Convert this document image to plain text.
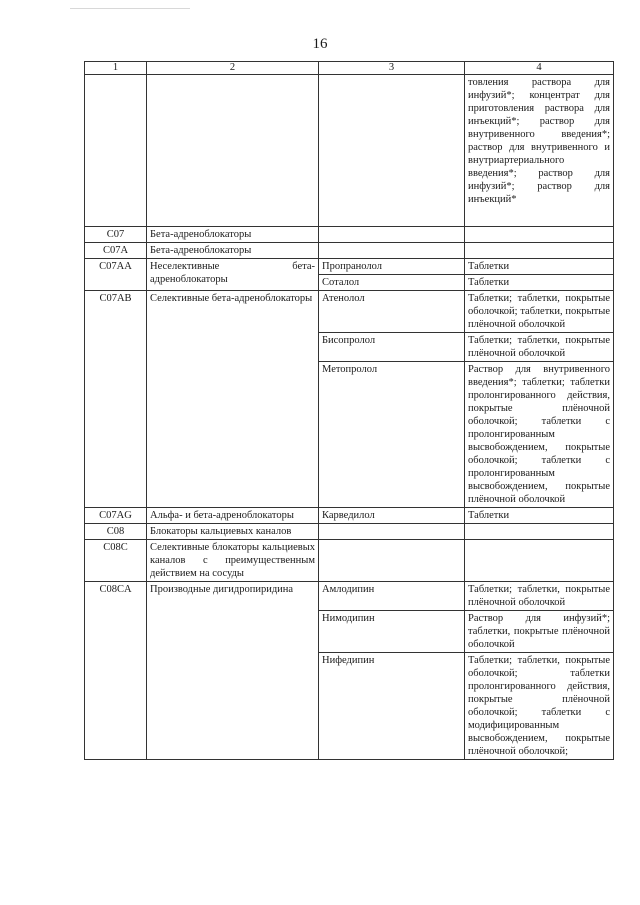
16
1	2	3	4
			товления раствора для инфузий*; концентрат для приготовления раствора для инъекций*; раствор для внутривенного введения*; раствор для внутривенного и внутриартериального введения*; раствор для инфузий*; раствор для инъекций*
C07	Бета-адреноблокаторы		
C07A	Бета-адреноблокаторы		
C07AA	Неселективные бета-адреноблокаторы	Пропранолол	Таблетки
		Соталол	Таблетки
C07AB	Селективные бета-адреноблокаторы	Атенолол	Таблетки; таблетки, покрытые оболочкой; таблетки, покрытые плёночной оболочкой
		Бисопролол	Таблетки; таблетки, покрытые плёночной оболочкой
		Метопролол	Раствор для внутривенного введения*; таблетки; таблетки пролонгированного действия, покрытые плёночной оболочкой; таблетки с пролонгированным высвобождением, покрытые оболочкой; таблетки с пролонгированным высвобождением, покрытые плёночной оболочкой
C07AG	Альфа- и бета-адреноблокаторы	Карведилол	Таблетки
C08	Блокаторы кальциевых каналов		
C08C	Селективные блокаторы кальциевых каналов с преимущественным действием на сосуды		
C08CA	Производные дигидропиридина	Амлодипин	Таблетки; таблетки, покрытые плёночной оболочкой
		Нимодипин	Раствор для инфузий*; таблетки, покрытые плёночной оболочкой
		Нифедипин	Таблетки; таблетки, покрытые оболочкой; таблетки пролонгированного действия, покрытые плёночной оболочкой; таблетки с модифицированным высвобождением, покрытые плёночной оболочкой;
